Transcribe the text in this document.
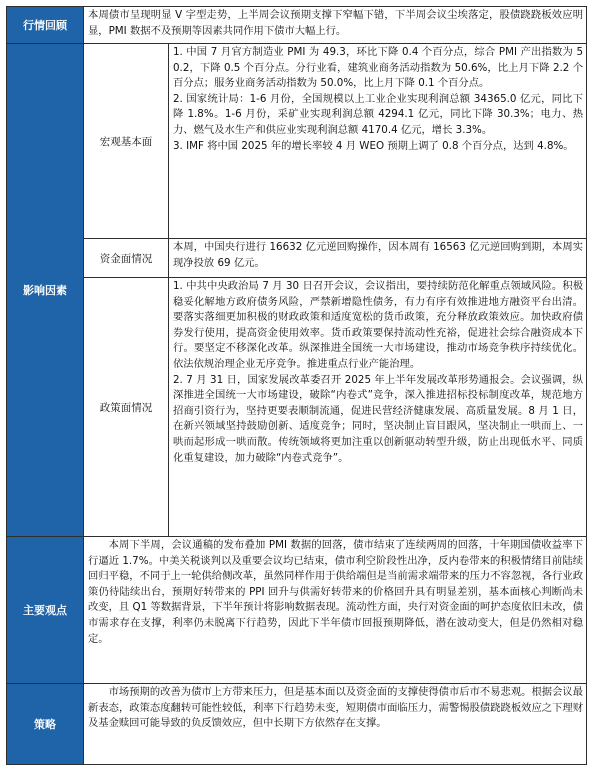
行情回顾	本周债市呈现明显 V 字型走势，上半周会议预期支撑下窄幅下错，下半周会议尘埃落定，股债跷跷板效应明显，PMI 数据不及预期等因素共同作用下债市大幅上行。	

影响因素	宏观基本面	1. 中国 7 月官方制造业 PMI 为 49.3，环比下降 0.4 个百分点，综合 PMI 产出指数为 50.2，下降 0.5 个百分点。分行业看，建筑业商务活动指数为 50.6%，比上月下降 2.2 个百分点；服务业商务活动指数为 50.0%，比上月下降 0.1 个百分点。

2. 国家统计局：1-6 月份，全国规模以上工业企业实现利润总额 34365.0 亿元，同比下降 1.8%。1-6 月份，采矿业实现利润总额 4294.1 亿元，同比下降 30.3%；电力、热力、燃气及水生产和供应业实现利润总额 4170.4 亿元，增长 3.3%。

3. IMF 将中国 2025 年的增长率较 4 月 WEO 预期上调了 0.8 个百分点，达到 4.8%。

	资金面情况	本周，中国央行进行 16632 亿元逆回购操作，因本周有 16563 亿元逆回购到期，本周实现净投放 69 亿元。

	政策面情况	1. 中共中央政治局 7 月 30 日召开会议，会议指出，要持续防范化解重点领域风险。积极稳妥化解地方政府债务风险，严禁新增隐性债务，有力有序有效推进地方融资平台出清。要落实落细更加积极的财政政策和适度宽松的货币政策，充分释放政策效应。加快政府债券发行使用，提高资金使用效率。货币政策要保持流动性充裕，促进社会综合融资成本下行。要坚定不移深化改革。纵深推进全国统一大市场建设，推动市场竞争秩序持续优化。依法依规治理企业无序竞争。推进重点行业产能治理。

2. 7 月 31 日，国家发展改革委召开 2025 年上半年发展改革形势通报会。会议强调，纵深推进全国统一大市场建设，破除“内卷式”竞争，深入推进招标投标制度改革，规范地方招商引资行为，坚持更要表顺制流通，促进民营经济健康发展、高质量发展。8 月 1 日，在新兴领域坚持鼓励创新、适度竞争；同时，坚决制止盲目跟风，坚决制止一哄而上、一哄而起形成一哄而散。传统领域将更加注重以创新驱动转型升级，防止出现低水平、同质化重复建设，加力破除“内卷式竞争”。

主要观点	本周下半周，会议通稿的发布叠加 PMI 数据的回落，债市结束了连续两周的回落，十年期国债收益率下行逼近 1.7%。中美关税谈判以及重要会议均已结束，债市利空阶段性出净，反内卷带来的积极情绪目前陆续回归平稳，不同于上一轮供给侧改革，虽然同样作用于供给端但是当前需求端带来的压力不容忽视，各行业政策仍待陆续出台，预期好转带来的 PPI 回升与供需好转带来的价格回升具有明显差别，基本面核心判断尚未改变，且 Q1 等数据背景，下半年预计将影响数据表现。流动性方面，央行对资金面的呵护态度依旧未改，债市需求存在支撑，利率仍未脱离下行趋势，因此下半年债市回报预期降低，潜在波动变大，但是仍然相对稳定。	

策略	市场预期的改善为债市上方带来压力，但是基本面以及资金面的支撑使得债市后市不易悲观。根据会议最新表态，政策态度翻转可能性较低，利率下行趋势未变，短期债市面临压力，需警惕股债跷跷板效应之下理财及基金赎回可能导致的负反馈效应，但中长期下方依然存在支撑。	
